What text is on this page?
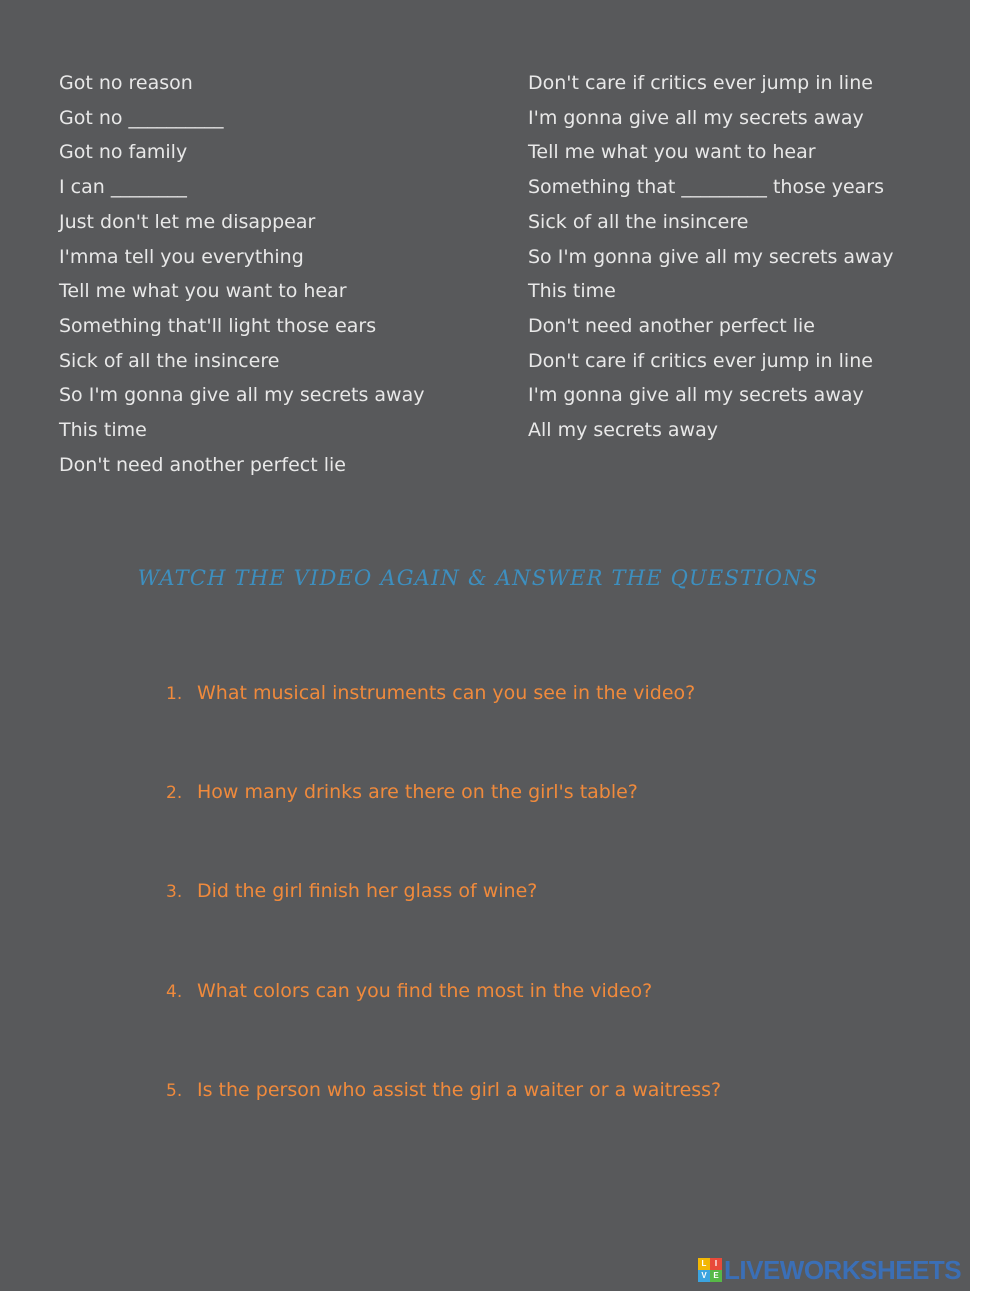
Got no reason
Got no __________
Got no family
I can ________
Just don't let me disappear
I'mma tell you everything
Tell me what you want to hear
Something that'll light those ears
Sick of all the insincere
So I'm gonna give all my secrets away
This time
Don't need another perfect lie
Don't care if critics ever jump in line
I'm gonna give all my secrets away
Tell me what you want to hear
Something that _________ those years
Sick of all the insincere
So I'm gonna give all my secrets away
This time
Don't need another perfect lie
Don't care if critics ever jump in line
I'm gonna give all my secrets away
All my secrets away
WATCH THE VIDEO AGAIN & ANSWER THE QUESTIONS
1. What musical instruments can you see in the video?
2. How many drinks are there on the girl's table?
3. Did the girl finish her glass of wine?
4. What colors can you find the most in the video?
5. Is the person who assist the girl a waiter or a waitress?
L	I
V E LIVEWORKSHEETS
